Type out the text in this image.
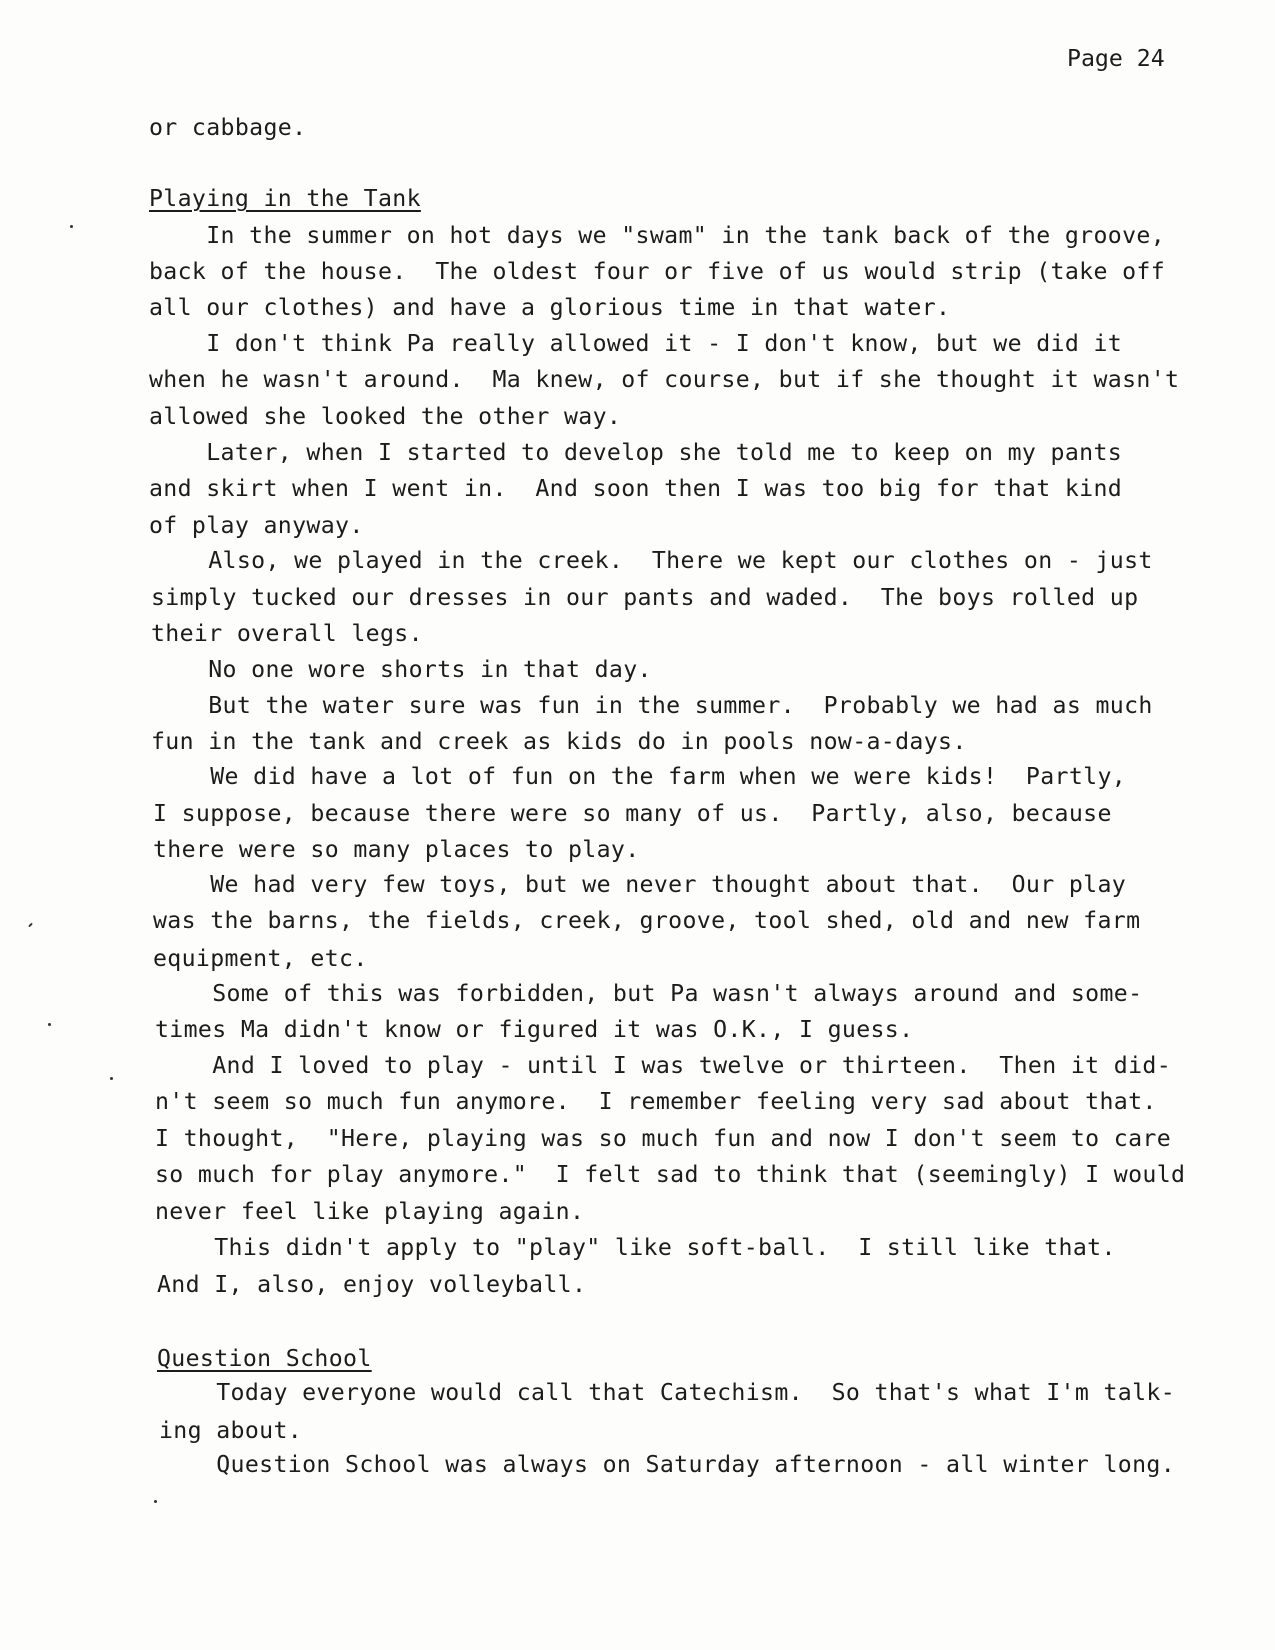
Page 24
or cabbage.
Playing in the Tank
In the summer on hot days we "swam" in the tank back of the groove,
back of the house.  The oldest four or five of us would strip (take off
all our clothes) and have a glorious time in that water.
I don't think Pa really allowed it - I don't know, but we did it
when he wasn't around.  Ma knew, of course, but if she thought it wasn't
allowed she looked the other way.
Later, when I started to develop she told me to keep on my pants
and skirt when I went in.  And soon then I was too big for that kind
of play anyway.
Also, we played in the creek.  There we kept our clothes on - just
simply tucked our dresses in our pants and waded.  The boys rolled up
their overall legs.
No one wore shorts in that day.
But the water sure was fun in the summer.  Probably we had as much
fun in the tank and creek as kids do in pools now-a-days.
We did have a lot of fun on the farm when we were kids!  Partly,
I suppose, because there were so many of us.  Partly, also, because
there were so many places to play.
We had very few toys, but we never thought about that.  Our play
was the barns, the fields, creek, groove, tool shed, old and new farm
equipment, etc.
Some of this was forbidden, but Pa wasn't always around and some-
times Ma didn't know or figured it was O.K., I guess.
And I loved to play - until I was twelve or thirteen.  Then it did-
n't seem so much fun anymore.  I remember feeling very sad about that.
I thought,  "Here, playing was so much fun and now I don't seem to care
so much for play anymore."  I felt sad to think that (seemingly) I would
never feel like playing again.
This didn't apply to "play" like soft-ball.  I still like that.
And I, also, enjoy volleyball.
Question School
Today everyone would call that Catechism.  So that's what I'm talk-
ing about.
Question School was always on Saturday afternoon - all winter long.
